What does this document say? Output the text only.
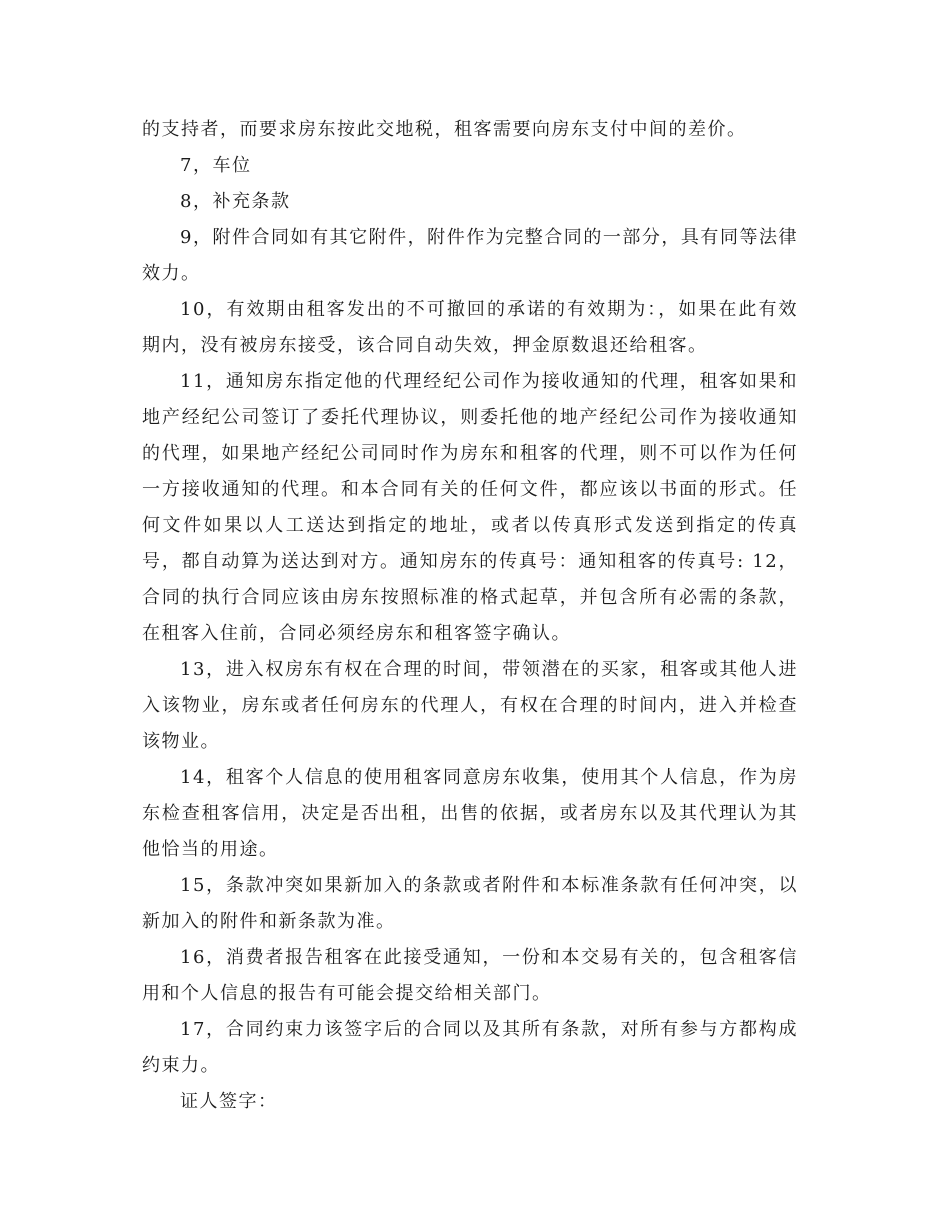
的支持者，而要求房东按此交地税，租客需要向房东支付中间的差价。

7，车位

8，补充条款

9，附件合同如有其它附件，附件作为完整合同的一部分，具有同等法律效力。

10，有效期由租客发出的不可撤回的承诺的有效期为：，如果在此有效期内，没有被房东接受，该合同自动失效，押金原数退还给租客。

11，通知房东指定他的代理经纪公司作为接收通知的代理，租客如果和地产经纪公司签订了委托代理协议，则委托他的地产经纪公司作为接收通知的代理，如果地产经纪公司同时作为房东和租客的代理，则不可以作为任何一方接收通知的代理。和本合同有关的任何文件，都应该以书面的形式。任何文件如果以人工送达到指定的地址，或者以传真形式发送到指定的传真号，都自动算为送达到对方。通知房东的传真号：通知租客的传真号: 12，合同的执行合同应该由房东按照标准的格式起草，并包含所有必需的条款，在租客入住前，合同必须经房东和租客签字确认。

13，进入权房东有权在合理的时间，带领潜在的买家，租客或其他人进入该物业，房东或者任何房东的代理人，有权在合理的时间内，进入并检查该物业。

14，租客个人信息的使用租客同意房东收集，使用其个人信息，作为房东检查租客信用，决定是否出租，出售的依据，或者房东以及其代理认为其他恰当的用途。

15，条款冲突如果新加入的条款或者附件和本标准条款有任何冲突，以新加入的附件和新条款为准。

16，消费者报告租客在此接受通知，一份和本交易有关的，包含租客信用和个人信息的报告有可能会提交给相关部门。

17，合同约束力该签字后的合同以及其所有条款，对所有参与方都构成约束力。

证人签字：
